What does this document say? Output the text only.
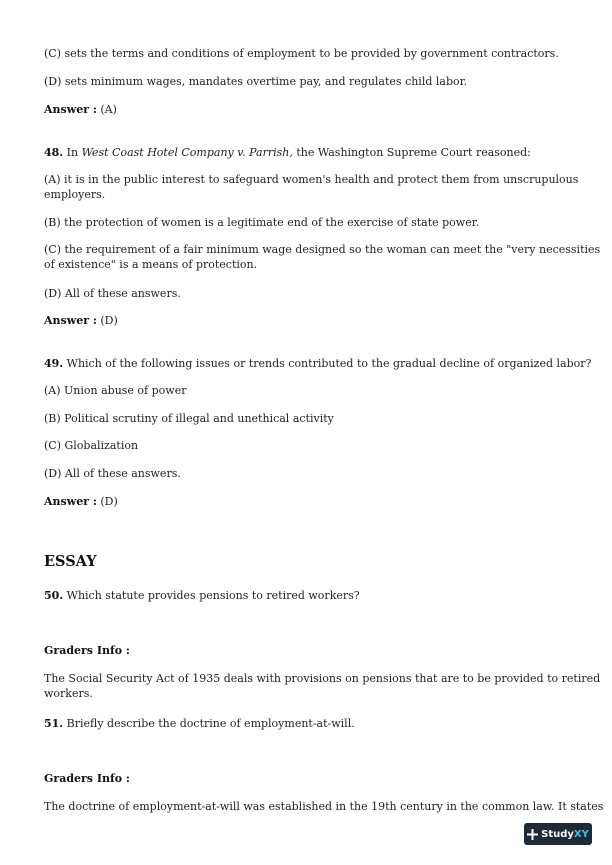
(C) sets the terms and conditions of employment to be provided by government contractors.
(D) sets minimum wages, mandates overtime pay, and regulates child labor.
Answer : (A)
48. In West Coast Hotel Company v. Parrish, the Washington Supreme Court reasoned:
(A) it is in the public interest to safeguard women's health and protect them from unscrupulous
employers.
(B) the protection of women is a legitimate end of the exercise of state power.
(C) the requirement of a fair minimum wage designed so the woman can meet the "very necessities
of existence" is a means of protection.
(D) All of these answers.
Answer : (D)
49. Which of the following issues or trends contributed to the gradual decline of organized labor?
(A) Union abuse of power
(B) Political scrutiny of illegal and unethical activity
(C) Globalization
(D) All of these answers.
Answer : (D)
ESSAY
50. Which statute provides pensions to retired workers?
Graders Info :
The Social Security Act of 1935 deals with provisions on pensions that are to be provided to retired
workers.
51. Briefly describe the doctrine of employment-at-will.
Graders Info :
The doctrine of employment-at-will was established in the 19th century in the common law. It states
StudyXY
